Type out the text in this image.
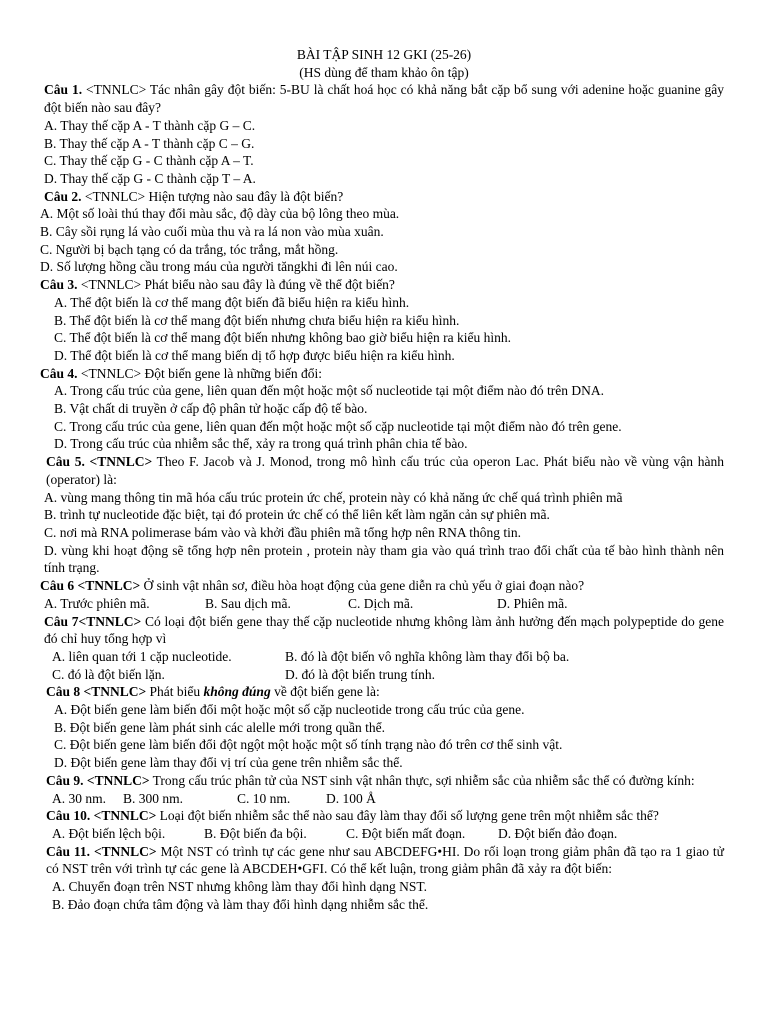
BÀI TẬP SINH 12 GKI (25-26)
(HS dùng để tham khảo ôn tập)
Câu 1. <TNNLC> Tác nhân gây đột biến: 5-BU là chất hoá học có khả năng bắt cặp bổ sung với adenine hoặc guanine gây đột biến nào sau đây?
A. Thay thế cặp A - T thành cặp G – C.
B. Thay thế cặp A - T thành cặp C – G.
C. Thay thế cặp G - C thành cặp A – T.
D. Thay thế cặp G - C thành cặp T – A.
Câu 2. <TNNLC> Hiện tượng nào sau đây là đột biến?
A. Một số loài thú thay đổi màu sắc, độ dày của bộ lông theo mùa.
B. Cây sồi rụng lá vào cuối mùa thu và ra lá non vào mùa xuân.
C. Người bị bạch tạng có da trắng, tóc trắng, mắt hồng.
D. Số lượng hồng cầu trong máu của người tăngkhi đi lên núi cao.
Câu 3. <TNNLC> Phát biểu nào sau đây là đúng về thể đột biến?
A. Thể đột biến là cơ thể mang đột biến đã biểu hiện ra kiểu hình.
B. Thể đột biến là cơ thể mang đột biến nhưng chưa biểu hiện ra kiểu hình.
C. Thể đột biến là cơ thể mang đột biến nhưng không bao giờ biểu hiện ra kiểu hình.
D. Thể đột biến là cơ thể mang biến dị tổ hợp được biểu hiện ra kiểu hình.
Câu 4. <TNNLC> Đột biến gene là những biến đổi:
A. Trong cấu trúc của gene, liên quan đến một hoặc một số nucleotide tại một điểm nào đó trên DNA.
B. Vật chất di truyền ở cấp độ phân tử hoặc cấp độ tế bào.
C. Trong cấu trúc của gene, liên quan đến một hoặc một số cặp nucleotide tại một điểm nào đó trên gene.
D. Trong cấu trúc của nhiễm sắc thể, xảy ra trong quá trình phân chia tế bào.
Câu 5. <TNNLC> Theo F. Jacob và J. Monod, trong mô hình cấu trúc của operon Lac. Phát biểu nào về vùng vận hành (operator) là:
A. vùng mang thông tin mã hóa cấu trúc protein ức chế, protein này có khả năng ức chế quá trình phiên mã
B. trình tự nucleotide đặc biệt, tại đó protein ức chế có thể liên kết làm ngăn cản sự phiên mã.
C. nơi mà RNA polimerase bám vào và khởi đầu phiên mã tổng hợp nên RNA thông tin.
D. vùng khi hoạt động sẽ tổng hợp nên protein , protein này tham gia vào quá trình trao đổi chất của tế bào hình thành nên tính trạng.
Câu 6 <TNNLC> Ở sinh vật nhân sơ, điều hòa hoạt động của gene diễn ra chủ yếu ở giai đoạn nào?
A. Trước phiên mã.	B. Sau dịch mã.	C. Dịch mã.	D. Phiên mã.
Câu 7<TNNLC> Có loại đột biến gene thay thế cặp nucleotide nhưng không làm ảnh hưởng đến mạch polypeptide do gene đó chỉ huy tổng hợp vì
A. liên quan tới 1 cặp nucleotide.	B. đó là đột biến vô nghĩa không làm thay đổi bộ ba.
C. đó là đột biến lặn.	D. đó là đột biến trung tính.
Câu 8 <TNNLC> Phát biểu không đúng về đột biến gene là:
A. Đột biến gene làm biến đổi một hoặc một số cặp nucleotide trong cấu trúc của gene.
B. Đột biến gene làm phát sinh các alelle mới trong quần thể.
C. Đột biến gene làm biến đổi đột ngột một hoặc một số tính trạng nào đó trên cơ thể sinh vật.
D. Đột biến gene làm thay đổi vị trí của gene trên nhiễm sắc thể.
Câu 9. <TNNLC> Trong cấu trúc phân tử của NST sinh vật nhân thực, sợi nhiễm sắc của nhiễm sắc thể có đường kính:
A. 30 nm.	B. 300 nm.	C. 10 nm.	D. 100 Å
Câu 10. <TNNLC> Loại đột biến nhiễm sắc thể nào sau đây làm thay đổi số lượng gene trên một nhiễm sắc thể?
A. Đột biến lệch bội.	B. Đột biến đa bội.	C. Đột biến mất đoạn.	D. Đột biến đảo đoạn.
Câu 11. <TNNLC> Một NST có trình tự các gene như sau ABCDEFG•HI. Do rối loạn trong giảm phân đã tạo ra 1 giao tử có NST trên với trình tự các gene là ABCDEH•GFI. Có thể kết luận, trong giảm phân đã xảy ra đột biến:
A. Chuyển đoạn trên NST nhưng không làm thay đổi hình dạng NST.
B. Đảo đoạn chứa tâm động và làm thay đổi hình dạng nhiễm sắc thể.
